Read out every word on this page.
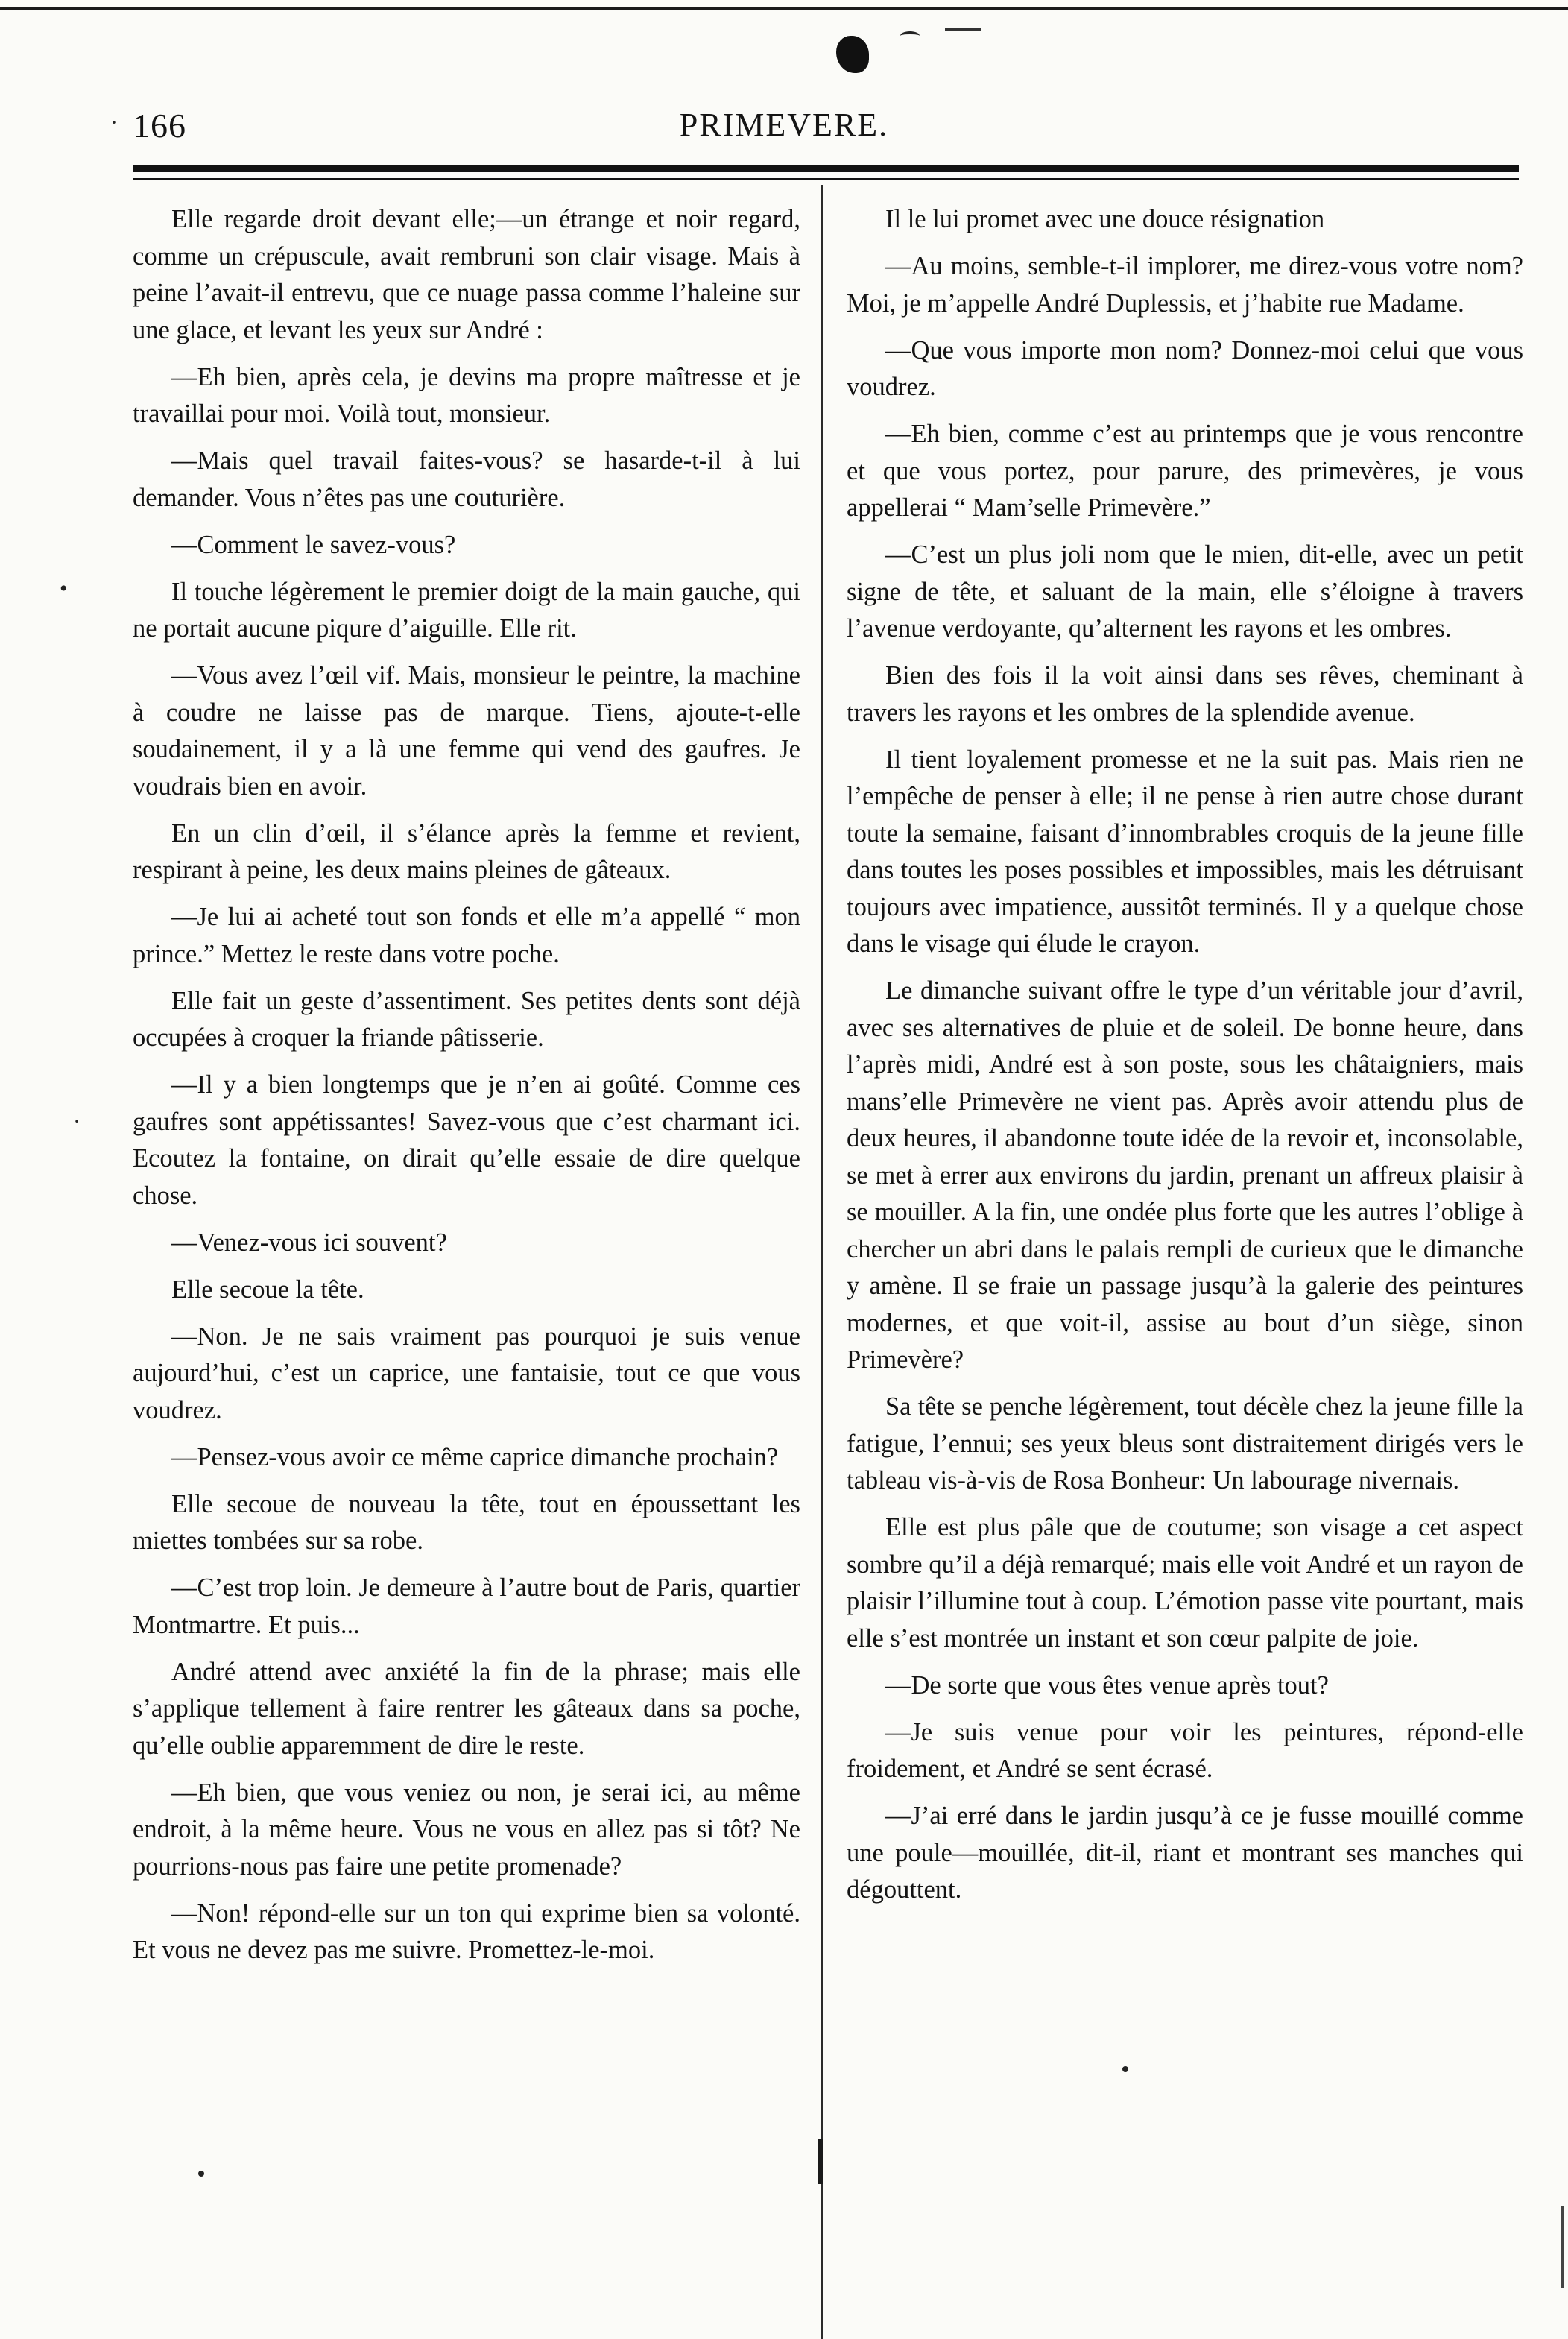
·
•
·
166	PRIMEVERE.

Elle regarde droit devant elle;—un étrange et noir regard, comme un crépuscule, avait rembruni son clair visage. Mais à peine l’avait-il entrevu, que ce nuage passa comme l’haleine sur une glace, et levant les yeux sur André :

—Eh bien, après cela, je devins ma propre maîtresse et je travaillai pour moi. Voilà tout, monsieur.

—Mais quel travail faites-vous? se hasarde-t-il à lui demander. Vous n’êtes pas une couturière.

—Comment le savez-vous?

Il touche légèrement le premier doigt de la main gauche, qui ne portait aucune piqure d’aiguille. Elle rit.

—Vous avez l’œil vif. Mais, monsieur le peintre, la machine à coudre ne laisse pas de marque. Tiens, ajoute-t-elle soudainement, il y a là une femme qui vend des gaufres. Je voudrais bien en avoir.

En un clin d’œil, il s’élance après la femme et revient, respirant à peine, les deux mains pleines de gâteaux.

—Je lui ai acheté tout son fonds et elle m’a appellé “ mon prince.” Mettez le reste dans votre poche.

Elle fait un geste d’assentiment. Ses petites dents sont déjà occupées à croquer la friande pâtisserie.

—Il y a bien longtemps que je n’en ai goûté. Comme ces gaufres sont appétissantes! Savez-vous que c’est charmant ici. Ecoutez la fontaine, on dirait qu’elle essaie de dire quelque chose.

—Venez-vous ici souvent?

Elle secoue la tête.

—Non. Je ne sais vraiment pas pourquoi je suis venue aujourd’hui, c’est un caprice, une fantaisie, tout ce que vous voudrez.

—Pensez-vous avoir ce même caprice dimanche prochain?

Elle secoue de nouveau la tête, tout en époussettant les miettes tombées sur sa robe.

—C’est trop loin. Je demeure à l’autre bout de Paris, quartier Montmartre. Et puis...

André attend avec anxiété la fin de la phrase; mais elle s’applique tellement à faire rentrer les gâteaux dans sa poche, qu’elle oublie apparemment de dire le reste.

—Eh bien, que vous veniez ou non, je serai ici, au même endroit, à la même heure. Vous ne vous en allez pas si tôt? Ne pourrions-nous pas faire une petite promenade?

—Non! répond-elle sur un ton qui exprime bien sa volonté. Et vous ne devez pas me suivre. Promettez-le-moi.

Il le lui promet avec une douce résignation

—Au moins, semble-t-il implorer, me direz-vous votre nom? Moi, je m’appelle André Duplessis, et j’habite rue Madame.

—Que vous importe mon nom? Donnez-moi celui que vous voudrez.

—Eh bien, comme c’est au printemps que je vous rencontre et que vous portez, pour parure, des primevères, je vous appellerai “ Mam’selle Primevère.”

—C’est un plus joli nom que le mien, dit-elle, avec un petit signe de tête, et saluant de la main, elle s’éloigne à travers l’avenue verdoyante, qu’alternent les rayons et les ombres.

Bien des fois il la voit ainsi dans ses rêves, cheminant à travers les rayons et les ombres de la splendide avenue.

Il tient loyalement promesse et ne la suit pas. Mais rien ne l’empêche de penser à elle; il ne pense à rien autre chose durant toute la semaine, faisant d’innombrables croquis de la jeune fille dans toutes les poses possibles et impossibles, mais les détruisant toujours avec impatience, aussitôt terminés. Il y a quelque chose dans le visage qui élude le crayon.

Le dimanche suivant offre le type d’un véritable jour d’avril, avec ses alternatives de pluie et de soleil. De bonne heure, dans l’après midi, André est à son poste, sous les châtaigniers, mais mans’elle Primevère ne vient pas. Après avoir attendu plus de deux heures, il abandonne toute idée de la revoir et, inconsolable, se met à errer aux environs du jardin, prenant un affreux plaisir à se mouiller. A la fin, une ondée plus forte que les autres l’oblige à chercher un abri dans le palais rempli de curieux que le dimanche y amène. Il se fraie un passage jusqu’à la galerie des peintures modernes, et que voit-il, assise au bout d’un siège, sinon Primevère?

Sa tête se penche légèrement, tout décèle chez la jeune fille la fatigue, l’ennui; ses yeux bleus sont distraitement dirigés vers le tableau vis-à-vis de Rosa Bonheur: Un labourage nivernais.

Elle est plus pâle que de coutume; son visage a cet aspect sombre qu’il a déjà remarqué; mais elle voit André et un rayon de plaisir l’illumine tout à coup. L’émotion passe vite pourtant, mais elle s’est montrée un instant et son cœur palpite de joie.

—De sorte que vous êtes venue après tout?

—Je suis venue pour voir les peintures, répond-elle froidement, et André se sent écrasé.

—J’ai erré dans le jardin jusqu’à ce je fusse mouillé comme une poule—mouillée, dit-il, riant et montrant ses manches qui dégouttent.
